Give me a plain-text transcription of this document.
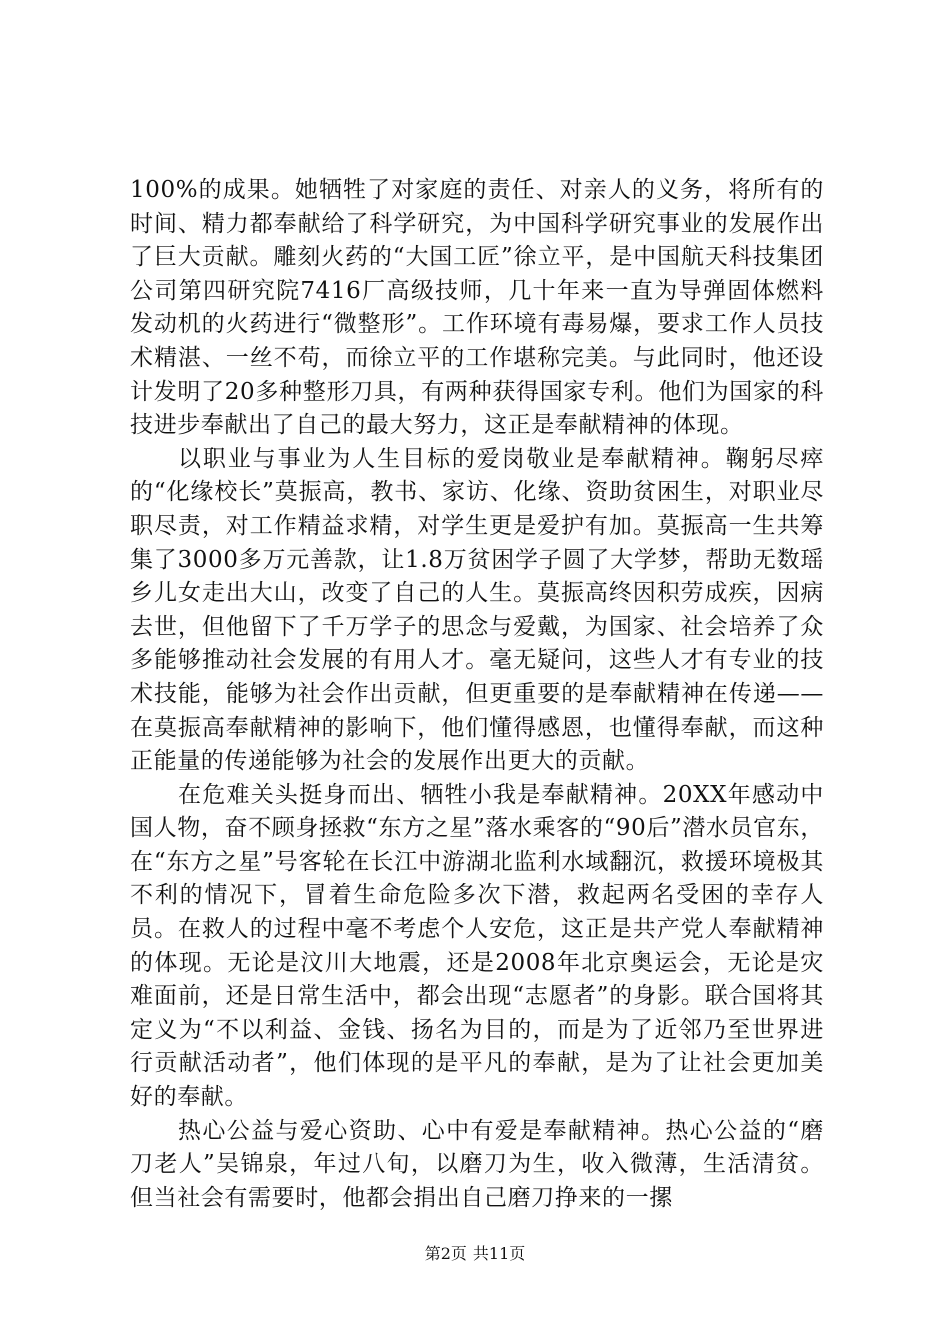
100%的成果。她牺牲了对家庭的责任、对亲人的义务，将所有的时间、精力都奉献给了科学研究，为中国科学研究事业的发展作出了巨大贡献。雕刻火药的“大国工匠”徐立平，是中国航天科技集团公司第四研究院7416厂高级技师，几十年来一直为导弹固体燃料发动机的火药进行“微整形”。工作环境有毒易爆，要求工作人员技术精湛、一丝不苟，而徐立平的工作堪称完美。与此同时，他还设计发明了20多种整形刀具，有两种获得国家专利。他们为国家的科技进步奉献出了自己的最大努力，这正是奉献精神的体现。

以职业与事业为人生目标的爱岗敬业是奉献精神。鞠躬尽瘁的“化缘校长”莫振高，教书、家访、化缘、资助贫困生，对职业尽职尽责，对工作精益求精，对学生更是爱护有加。莫振高一生共筹集了3000多万元善款，让1.8万贫困学子圆了大学梦，帮助无数瑶乡儿女走出大山，改变了自己的人生。莫振高终因积劳成疾，因病去世，但他留下了千万学子的思念与爱戴，为国家、社会培养了众多能够推动社会发展的有用人才。毫无疑问，这些人才有专业的技术技能，能够为社会作出贡献，但更重要的是奉献精神在传递——在莫振高奉献精神的影响下，他们懂得感恩，也懂得奉献，而这种正能量的传递能够为社会的发展作出更大的贡献。

在危难关头挺身而出、牺牲小我是奉献精神。20XX年感动中国人物，奋不顾身拯救“东方之星”落水乘客的“90后”潜水员官东，在“东方之星”号客轮在长江中游湖北监利水域翻沉，救援环境极其不利的情况下，冒着生命危险多次下潜，救起两名受困的幸存人员。在救人的过程中毫不考虑个人安危，这正是共产党人奉献精神的体现。无论是汶川大地震，还是2008年北京奥运会，无论是灾难面前，还是日常生活中，都会出现“志愿者”的身影。联合国将其定义为“不以利益、金钱、扬名为目的，而是为了近邻乃至世界进行贡献活动者”，他们体现的是平凡的奉献，是为了让社会更加美好的奉献。

热心公益与爱心资助、心中有爱是奉献精神。热心公益的“磨刀老人”吴锦泉，年过八旬，以磨刀为生，收入微薄，生活清贫。但当社会有需要时，他都会捐出自己磨刀挣来的一摞

第2页 共11页
